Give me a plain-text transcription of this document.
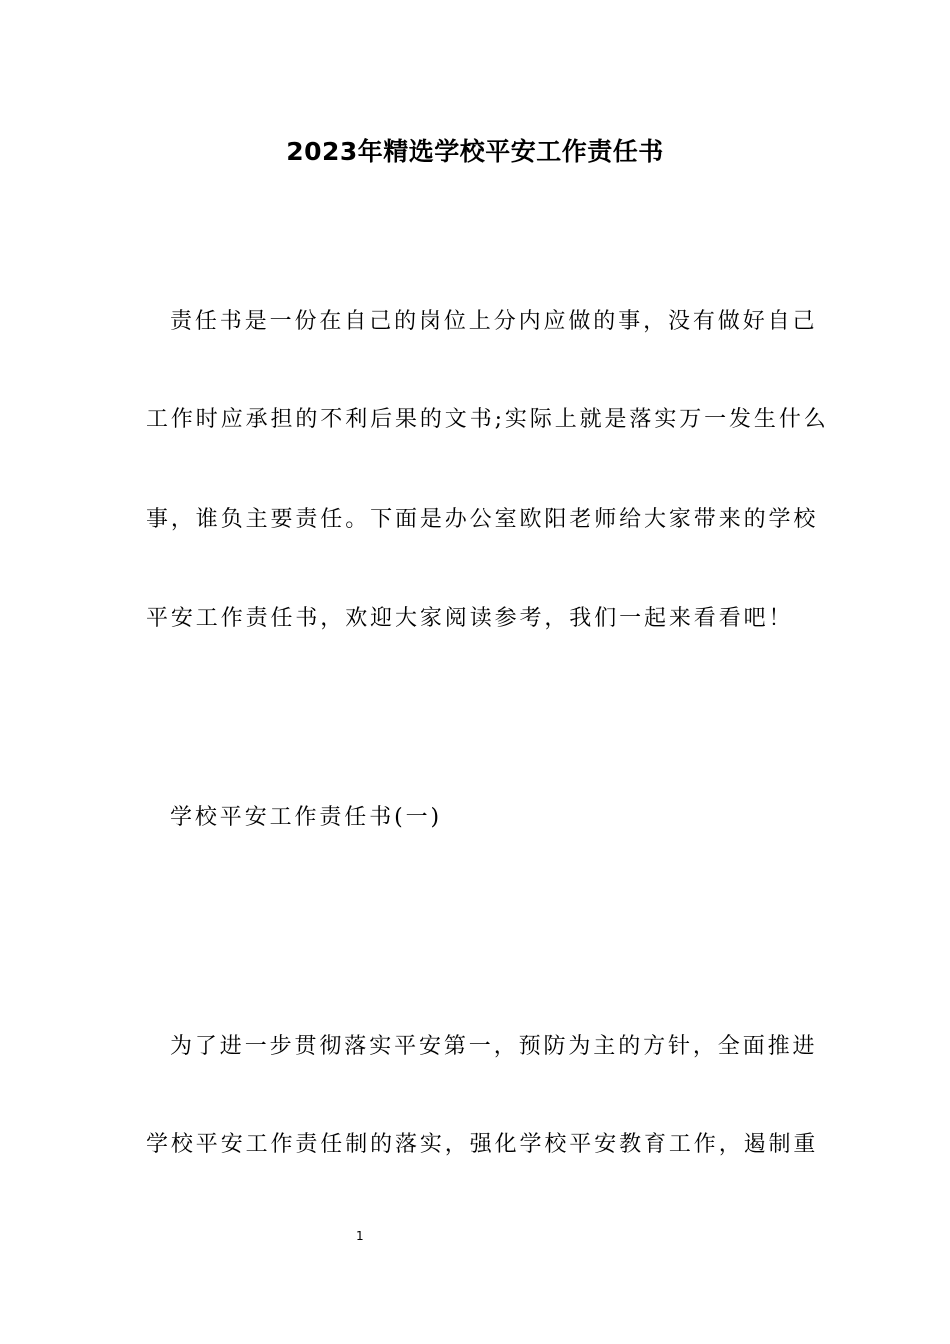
2023年精选学校平安工作责任书
责任书是一份在自己的岗位上分内应做的事，没有做好自己
工作时应承担的不利后果的文书;实际上就是落实万一发生什么
事，谁负主要责任。下面是办公室欧阳老师给大家带来的学校
平安工作责任书，欢迎大家阅读参考，我们一起来看看吧！
学校平安工作责任书(一)
为了进一步贯彻落实平安第一，预防为主的方针，全面推进
学校平安工作责任制的落实，强化学校平安教育工作，遏制重
1
